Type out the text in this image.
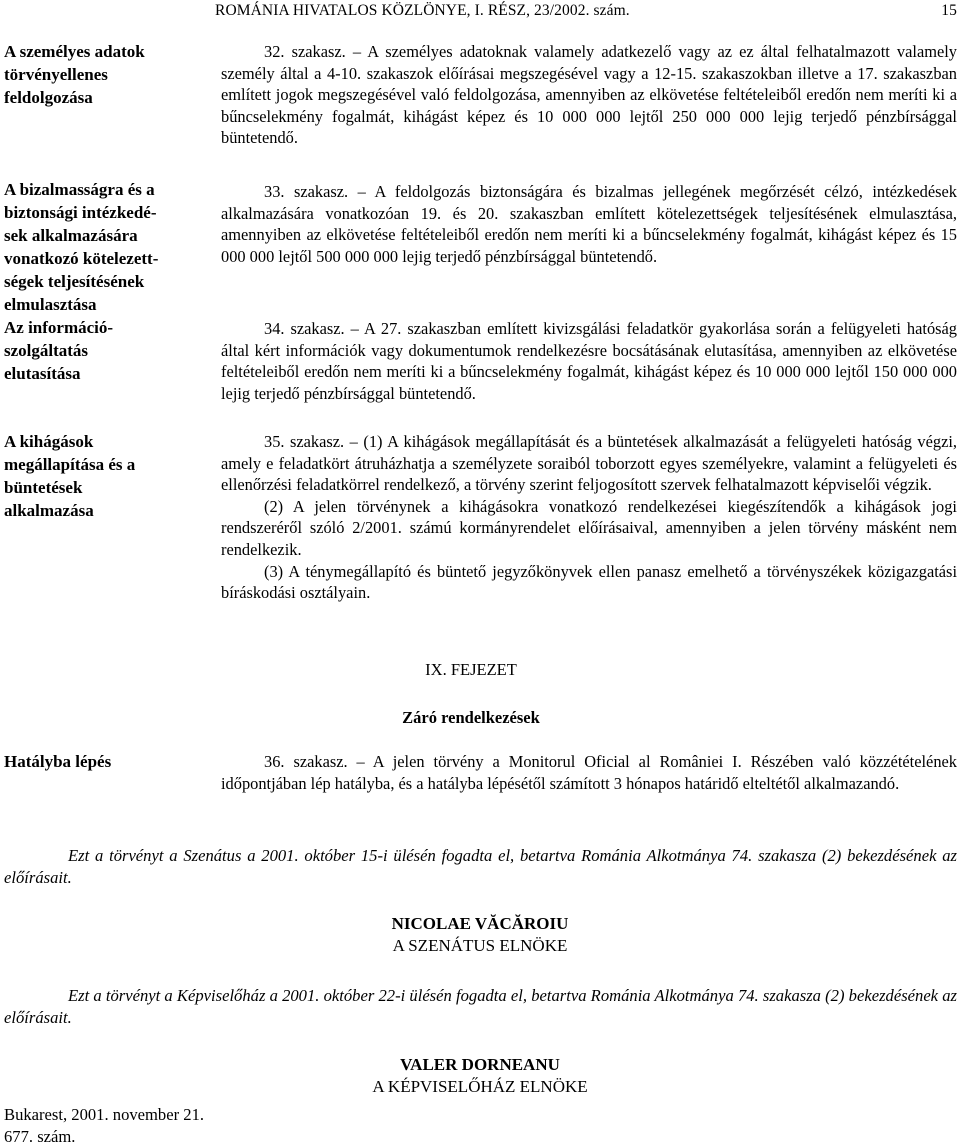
ROMÁNIA HIVATALOS KÖZLÖNYE, I. RÉSZ, 23/2002. szám.	15
A személyes adatok
törvényellenes
feldolgozása
A bizalmasságra és a
biztonsági intézkedé-
sek alkalmazására
vonatkozó kötelezett-
ségek teljesítésének
elmulasztása
Az információ-
szolgáltatás
elutasítása
A kihágások
megállapítása és a
büntetések
alkalmazása
Hatályba lépés

32. szakasz. – A személyes adatoknak valamely adatkezelő vagy az ez által felhatalmazott valamely személy által a 4-10. szakaszok előírásai megszegésével vagy a 12-15. szakaszokban illetve a 17. szakaszban említett jogok megszegésével való feldolgozása, amennyiben az elkövetése feltételeiből eredőn nem meríti ki a bűncselekmény fogalmát, kihágást képez és 10 000 000 lejtől 250 000 000 lejig terjedő pénzbírsággal büntetendő.

33. szakasz. – A feldolgozás biztonságára és bizalmas jellegének megőrzését célzó, intézkedések alkalmazására vonatkozóan 19. és 20. szakaszban említett kötelezettségek teljesítésének elmulasztása, amennyiben az elkövetése feltételeiből eredőn nem meríti ki a bűncselekmény fogalmát, kihágást képez és 15 000 000 lejtől 500 000 000 lejig terjedő pénzbírsággal büntetendő.

34. szakasz. – A 27. szakaszban említett kivizsgálási feladatkör gyakorlása során a felügyeleti hatóság által kért információk vagy dokumentumok rendelkezésre bocsátásának elutasítása, amennyiben az elkövetése feltételeiből eredőn nem meríti ki a bűncselekmény fogalmát, kihágást képez és 10 000 000 lejtől 150 000 000 lejig terjedő pénzbírsággal büntetendő.

35. szakasz. – (1) A kihágások megállapítását és a büntetések alkalmazását a felügyeleti hatóság végzi, amely e feladatkört átruházhatja a személyzete soraiból toborzott egyes személyekre, valamint a felügyeleti és ellenőrzési feladatkörrel rendelkező, a törvény szerint feljogosított szervek felhatalmazott képviselői végzik.

(2) A jelen törvénynek a kihágásokra vonatkozó rendelkezései kiegészítendők a kihágások jogi rendszeréről szóló 2/2001. számú kormányrendelet előírásaival, amennyiben a jelen törvény másként nem rendelkezik.

(3) A ténymegállapító és büntető jegyzőkönyvek ellen panasz emelhető a törvényszékek közigazgatási bíráskodási osztályain.

IX. FEJEZET
Záró rendelkezések

36. szakasz. – A jelen törvény a Monitorul Oficial al României I. Részében való közzétételének időpontjában lép hatályba, és a hatályba lépésétől számított 3 hónapos határidő elteltétől alkalmazandó.

Ezt a törvényt a Szenátus a 2001. október 15-i ülésén fogadta el, betartva Románia Alkotmánya 74. szakasza (2) bekezdésének az előírásait.

NICOLAE VĂCĂROIU
A SZENÁTUS ELNÖKE

Ezt a törvényt a Képviselőház a 2001. október 22-i ülésén fogadta el, betartva Románia Alkotmánya 74. szakasza (2) bekezdésének az előírásait.

VALER DORNEANU
A KÉPVISELŐHÁZ ELNÖKE
Bukarest, 2001. november 21.
677. szám.
